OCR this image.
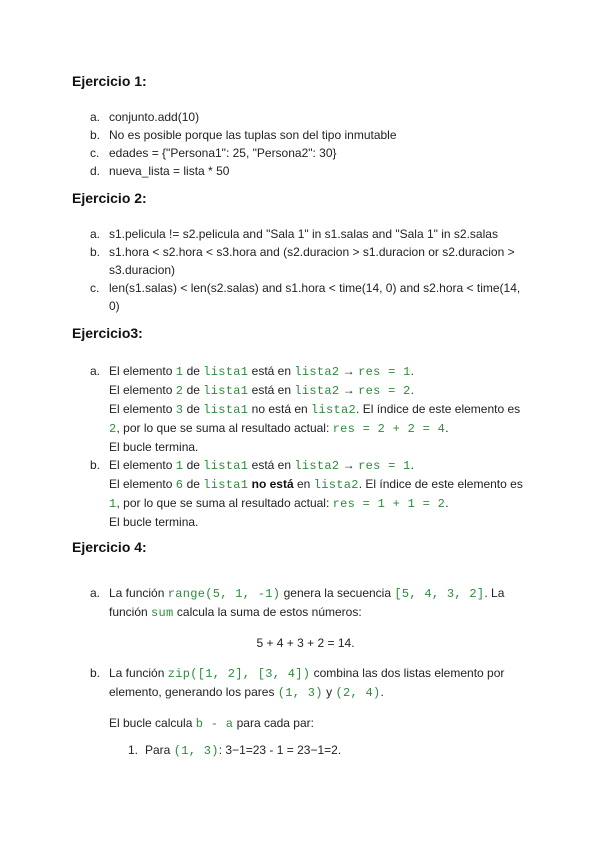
Ejercicio 1:
a. conjunto.add(10)
b. No es posible porque las tuplas son del tipo inmutable
c. edades = {"Persona1": 25, "Persona2": 30}
d. nueva_lista = lista * 50
Ejercicio 2:
a. s1.pelicula != s2.pelicula and "Sala 1" in s1.salas and "Sala 1" in s2.salas
b. s1.hora < s2.hora < s3.hora and (s2.duracion > s1.duracion or s2.duracion > s3.duracion)
c. len(s1.salas) < len(s2.salas) and s1.hora < time(14, 0) and s2.hora < time(14, 0)
Ejercicio3:
a. El elemento 1 de lista1 está en lista2 → res = 1.
El elemento 2 de lista1 está en lista2 → res = 2.
El elemento 3 de lista1 no está en lista2. El índice de este elemento es 2, por lo que se suma al resultado actual: res = 2 + 2 = 4.
El bucle termina.
b. El elemento 1 de lista1 está en lista2 → res = 1.
El elemento 6 de lista1 no está en lista2. El índice de este elemento es 1, por lo que se suma al resultado actual: res = 1 + 1 = 2.
El bucle termina.
Ejercicio 4:
a. La función range(5, 1, -1) genera la secuencia [5, 4, 3, 2]. La función sum calcula la suma de estos números:
5 + 4 + 3 + 2 = 14.
b. La función zip([1, 2], [3, 4]) combina las dos listas elemento por elemento, generando los pares (1, 3) y (2, 4).
El bucle calcula b - a para cada par:
1. Para (1, 3): 3−1=23 - 1 = 23−1=2.
